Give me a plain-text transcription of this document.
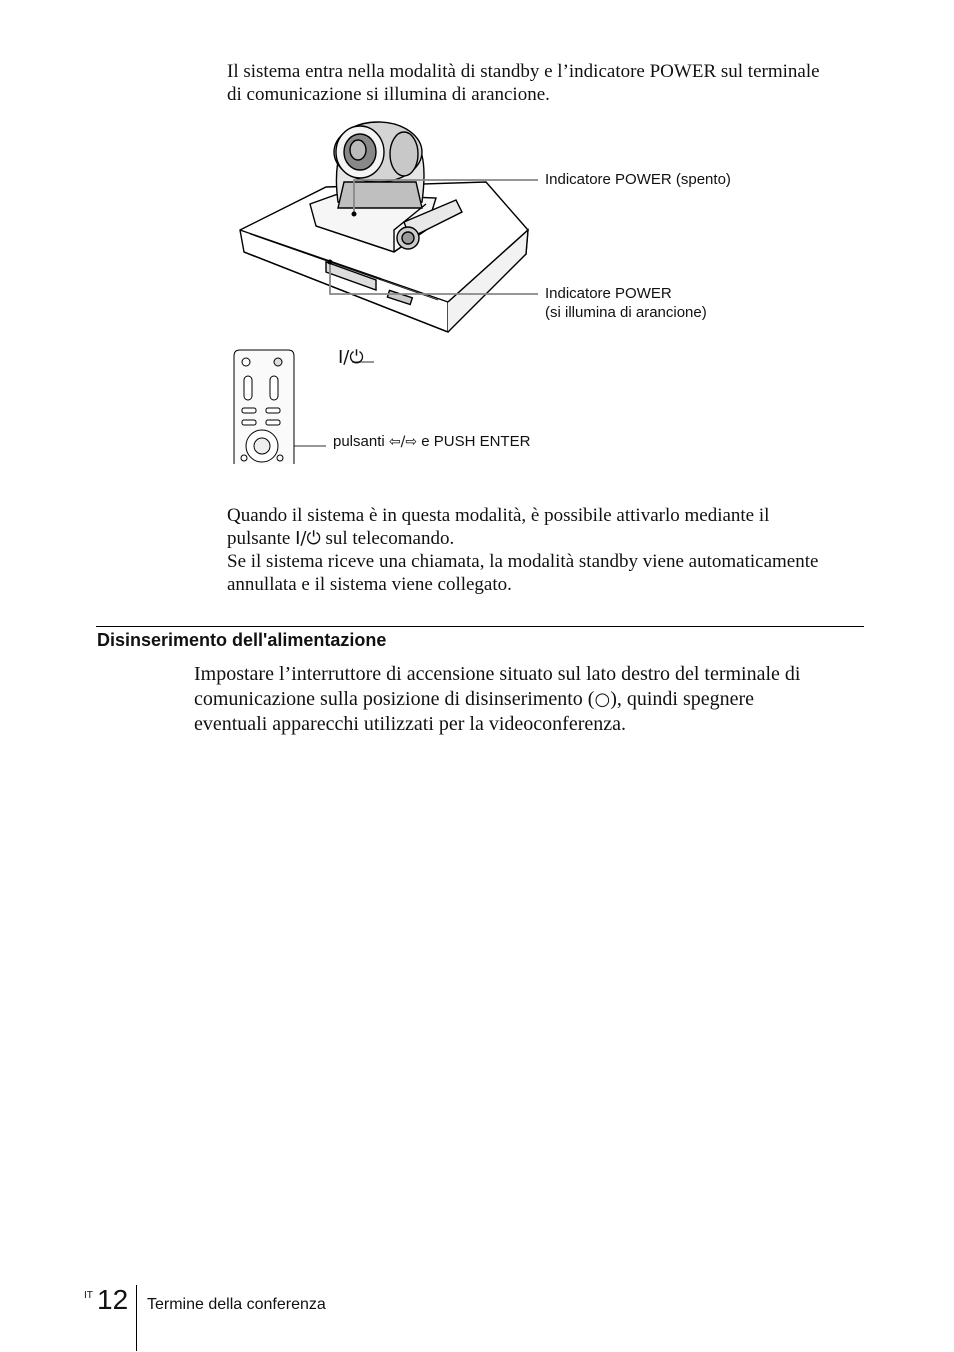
Il sistema entra nella modalità di standby e l’indicatore POWER sul terminale
di comunicazione si illumina di arancione.
Indicatore POWER (spento)
Indicatore POWER
(si illumina di arancione)
I/⏻
pulsanti ⇦/⇨ e PUSH ENTER
Quando il sistema è in questa modalità, è possibile attivarlo mediante il
pulsante I/⏻ sul telecomando.
Se il sistema riceve una chiamata, la modalità standby viene automaticamente
annullata e il sistema viene collegato.
Disinserimento dell'alimentazione
Impostare l’interruttore di accensione situato sul lato destro del terminale di
comunicazione sulla posizione di disinserimento (○), quindi spegnere
eventuali apparecchi utilizzati per la videoconferenza.
IT 12 Termine della conferenza
